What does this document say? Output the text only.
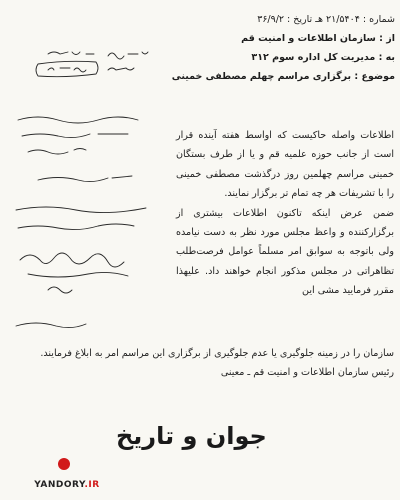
شماره : ۲۱/۵۴۰۴ هـ تاریخ : ۳۶/۹/۲
از : سازمان اطلاعات و امنیت قم
به : مدیریت کل اداره سوم ۳۱۲
موضوع : برگزاری مراسم چهلم مصطفی خمینی

اطلاعات واصله حاکیست که اواسط هفته آینده قرار است از جانب حوزه علمیه قم و یا از طرف بستگان خمینی مراسم چهلمین روز درگذشت مصطفی خمینی را با تشریفات هر چه تمام تر برگزار نمایند.

ضمن عرض اینکه تاکنون اطلاعات بیشتری از برگزارکننده و واعظ مجلس مورد نظر به دست نیامده ولی باتوجه به سوابق امر مسلماً عوامل فرصت‌طلب تظاهراتی در مجلس مذکور انجام خواهند داد. علیهذا مقرر فرمایید مشی این

سازمان را در زمینه جلوگیری یا عدم جلوگیری از برگزاری این مراسم امر به ابلاغ فرمایند.

رئیس سازمان اطلاعات و امنیت قم ـ معینی

جوان و تاریخ
YANDORY.IR
